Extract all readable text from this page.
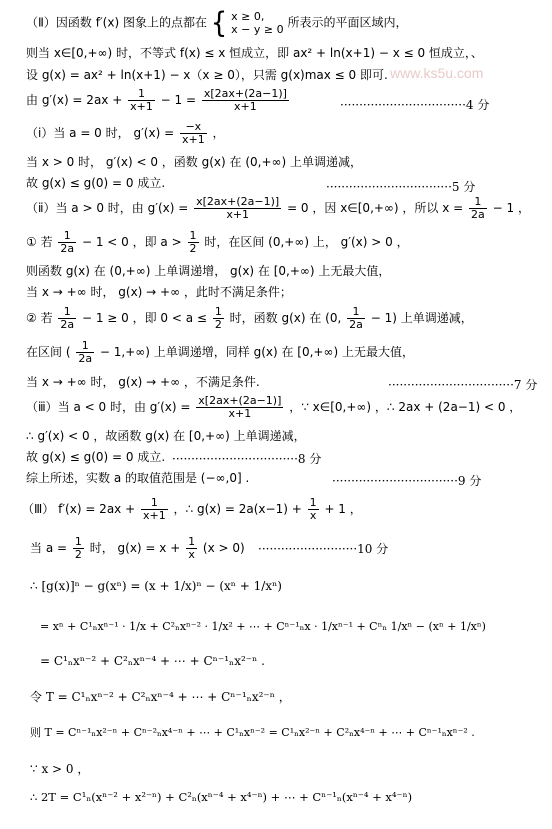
（Ⅱ）因函数 f′(x) 图象上的点都在 { x ≥ 0,
x − y ≥ 0 所表示的平面区域内，
则当 x∈[0,+∞) 时，不等式 f(x) ≤ x 恒成立，即 ax² + ln(x+1) − x ≤ 0 恒成立，、
设 g(x) = ax² + ln(x+1) − x（x ≥ 0），只需 g(x)max ≤ 0 即可. www.ks5u.com
由 $g'(x) = 2ax + \frac{1}{x+1} - 1 = \frac{x[2ax+(2a-1)]}{x+1}$	·································4 分
（ⅰ）当 a = 0 时， $g'(x) = \frac{-x}{x+1}$ ，
当 x > 0 时， g′(x) < 0 ，函数 g(x) 在 (0,+∞) 上单调递减，
故 g(x) ≤ g(0) = 0 成立.	·································5 分
（ⅱ）当 a > 0 时，由 $g'(x) = \frac{x[2ax+(2a-1)]}{x+1} = 0$ ，因 x∈[0,+∞) ，所以 $x = \frac{1}{2a} - 1$ ，
① 若 $\frac{1}{2a} - 1 < 0$ ，即 $a > \frac{1}{2}$ 时，在区间 (0,+∞) 上， g′(x) > 0 ，
则函数 g(x) 在 (0,+∞) 上单调递增， g(x) 在 [0,+∞) 上无最大值，
当 x → +∞ 时， g(x) → +∞ ，此时不满足条件；
② 若 $\frac{1}{2a} - 1 \ge 0$ ，即 $0 < a \le \frac{1}{2}$ 时，函数 g(x) 在 (0, $\frac{1}{2a} - 1$) 上单调递减，
在区间 ( $\frac{1}{2a} - 1,+\infty$) 上单调递增，同样 g(x) 在 [0,+∞) 上无最大值，
当 x → +∞ 时， g(x) → +∞ ，不满足条件.	·································7 分
（ⅲ）当 a < 0 时，由 $g'(x) = \frac{x[2ax+(2a-1)]}{x+1}$ ，∵ x∈[0,+∞) ，∴ 2ax + (2a−1) < 0 ，
∴ g′(x) < 0 ，故函数 g(x) 在 [0,+∞) 上单调递减，
故 g(x) ≤ g(0) = 0 成立. ·································8 分
综上所述，实数 a 的取值范围是 (−∞,0] .	·································9 分
（Ⅲ） $f'(x) = 2ax + \frac{1}{x+1}$ ，∴ $g(x) = 2a(x-1) + \frac{1}{x} + 1$ ，
当 $a = \frac{1}{2}$ 时， $g(x) = x + \frac{1}{x} (x > 0) \cdot\cdot\cdot\cdot\cdot\cdot\cdot\cdot\cdot\cdot\cdot\cdot\cdot\cdot\cdot\cdot\cdot\cdot\cdot\cdot\cdot\cdot\cdot\cdot\cdot\cdot 10$ 分
∴ [g(x)]ⁿ − g(xⁿ) = (x + 1/x)ⁿ − (xⁿ + 1/xⁿ)
= xⁿ + C¹ₙxⁿ⁻¹ · 1/x + C²ₙxⁿ⁻² · 1/x² + ⋯ + Cⁿ⁻¹ₙx · 1/xⁿ⁻¹ + Cⁿₙ 1/xⁿ − (xⁿ + 1/xⁿ)
= C¹ₙxⁿ⁻² + C²ₙxⁿ⁻⁴ + ⋯ + Cⁿ⁻¹ₙx²⁻ⁿ .
令 T = C¹ₙxⁿ⁻² + C²ₙxⁿ⁻⁴ + ⋯ + Cⁿ⁻¹ₙx²⁻ⁿ ，
则 T = Cⁿ⁻¹ₙx²⁻ⁿ + Cⁿ⁻²ₙx⁴⁻ⁿ + ⋯ + C¹ₙxⁿ⁻² = C¹ₙx²⁻ⁿ + C²ₙx⁴⁻ⁿ + ⋯ + Cⁿ⁻¹ₙxⁿ⁻² .
∵ x > 0 ，
∴ 2T = C¹ₙ(xⁿ⁻² + x²⁻ⁿ) + C²ₙ(xⁿ⁻⁴ + x⁴⁻ⁿ) + ⋯ + Cⁿ⁻¹ₙ(xⁿ⁻⁴ + x⁴⁻ⁿ)
